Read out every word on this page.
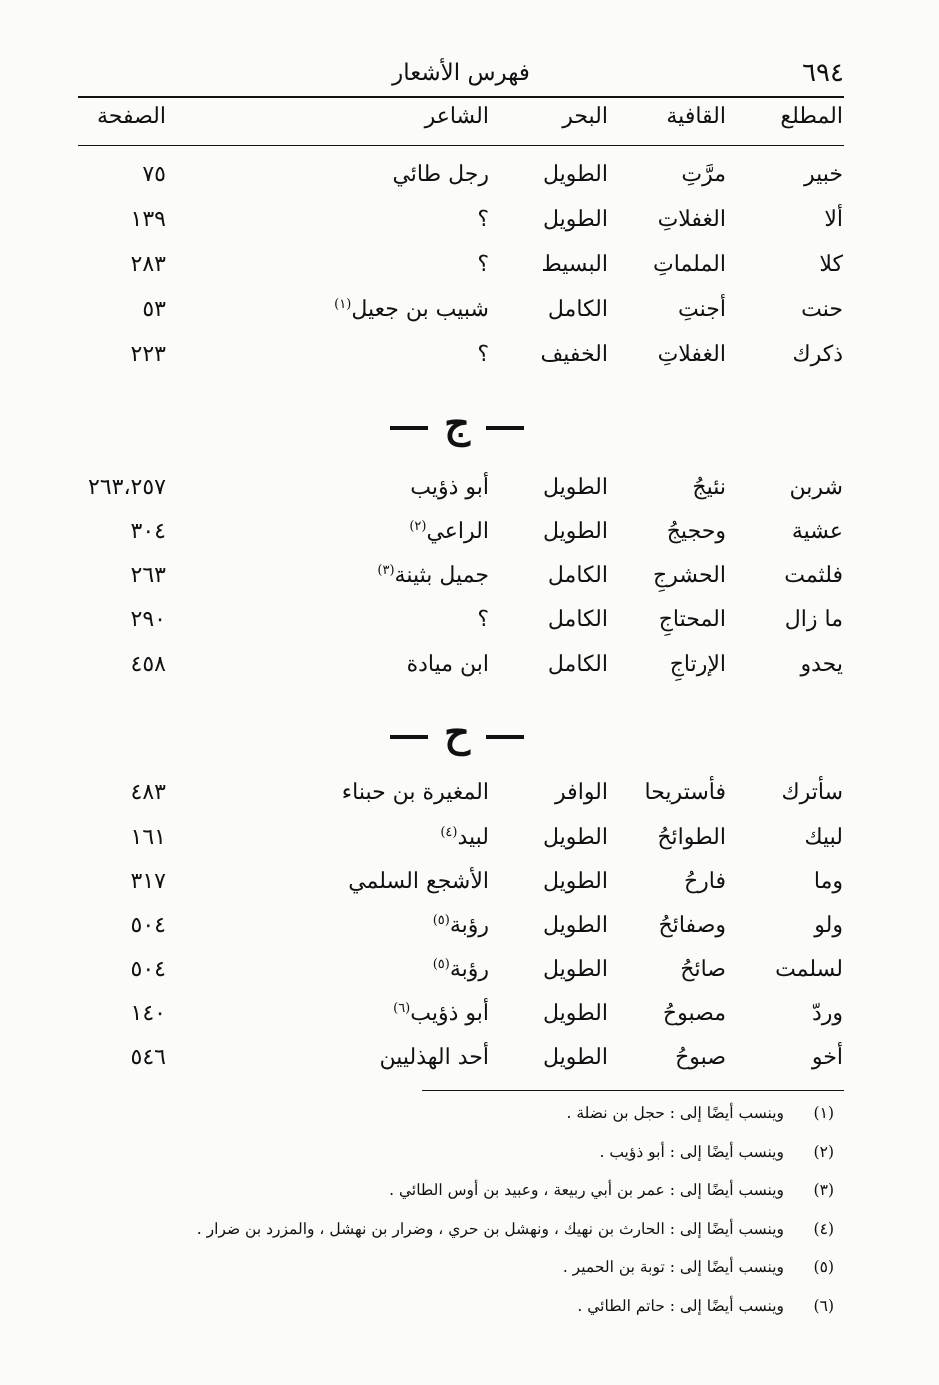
٦٩٤
فهرس الأشعار
المطلع
القافية
البحر
الشاعر
الصفحة
خبير
مرَّتِ
الطويل
رجل طائي
٧٥
ألا
الغفلاتِ
الطويل
؟
١٣٩
كلا
الملماتِ
البسيط
؟
٢٨٣
حنت
أجنتِ
الكامل
شبيب بن جعيل$^{(١)}$
٥٣
ذكرك
الغفلاتِ
الخفيف
؟
٢٢٣
ج
شربن
نئيجُ
الطويل
أبو ذؤيب
٢٦٣،٢٥٧
عشية
وحجيجُ
الطويل
الراعي$^{(٢)}$
٣٠٤
فلثمت
الحشرجِ
الكامل
جميل بثينة$^{(٣)}$
٢٦٣
ما زال
المحتاجِ
الكامل
؟
٢٩٠
يحدو
الإرتاجِ
الكامل
ابن ميادة
٤٥٨
ح
سأترك
فأستريحا
الوافر
المغيرة بن حبناء
٤٨٣
لبيك
الطوائحُ
الطويل
لبيد$^{(٤)}$
١٦١
وما
فارحُ
الطويل
الأشجع السلمي
٣١٧
ولو
وصفائحُ
الطويل
رؤبة$^{(٥)}$
٥٠٤
لسلمت
صائحُ
الطويل
رؤبة$^{(٥)}$
٥٠٤
وردّ
مصبوحُ
الطويل
أبو ذؤيب$^{(٦)}$
١٤٠
أخو
صبوحُ
الطويل
أحد الهذليين
٥٤٦
(١)
وينسب أيضًا إلى : حجل بن نضلة .
(٢)
وينسب أيضًا إلى : أبو ذؤيب .
(٣)
وينسب أيضًا إلى : عمر بن أبي ربيعة ، وعبيد بن أوس الطائي .
(٤)
وينسب أيضًا إلى : الحارث بن نهيك ، ونهشل بن حري ، وضرار بن نهشل ، والمزرد بن ضرار .
(٥)
وينسب أيضًا إلى : توبة بن الحمير .
(٦)
وينسب أيضًا إلى : حاتم الطائي .
